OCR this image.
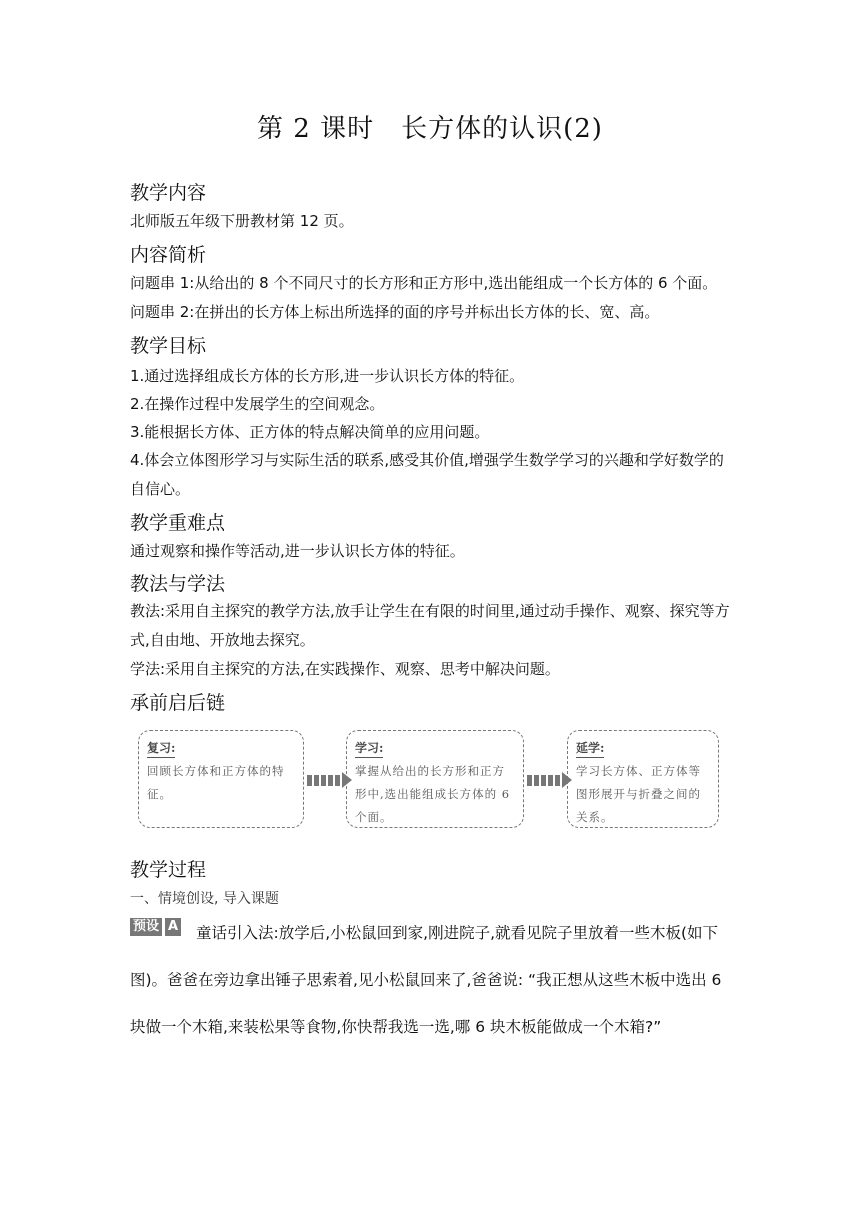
第 2 课时　长方体的认识(2)
教学内容
北师版五年级下册教材第 12 页。
内容简析
问题串 1:从给出的 8 个不同尺寸的长方形和正方形中,选出能组成一个长方体的 6 个面。
问题串 2:在拼出的长方体上标出所选择的面的序号并标出长方体的长、宽、高。
教学目标
1.通过选择组成长方体的长方形,进一步认识长方体的特征。
2.在操作过程中发展学生的空间观念。
3.能根据长方体、正方体的特点解决简单的应用问题。
4.体会立体图形学习与实际生活的联系,感受其价值,增强学生数学学习的兴趣和学好数学的自信心。
教学重难点
通过观察和操作等活动,进一步认识长方体的特征。
教法与学法
教法:采用自主探究的教学方法,放手让学生在有限的时间里,通过动手操作、观察、探究等方式,自由地、开放地去探究。
学法:采用自主探究的方法,在实践操作、观察、思考中解决问题。
承前启后链
复习:
回顾长方体和正方体的特征。
学习:
掌握从给出的长方形和正方形中,选出能组成长方体的 6 个面。
延学:
学习长方体、正方体等图形展开与折叠之间的关系。
教学过程
一、情境创设, 导入课题
预设 A 童话引入法:放学后,小松鼠回到家,刚进院子,就看见院子里放着一些木板(如下
图)。爸爸在旁边拿出锤子思索着,见小松鼠回来了,爸爸说: “我正想从这些木板中选出 6
块做一个木箱,来装松果等食物,你快帮我选一选,哪 6 块木板能做成一个木箱?”
